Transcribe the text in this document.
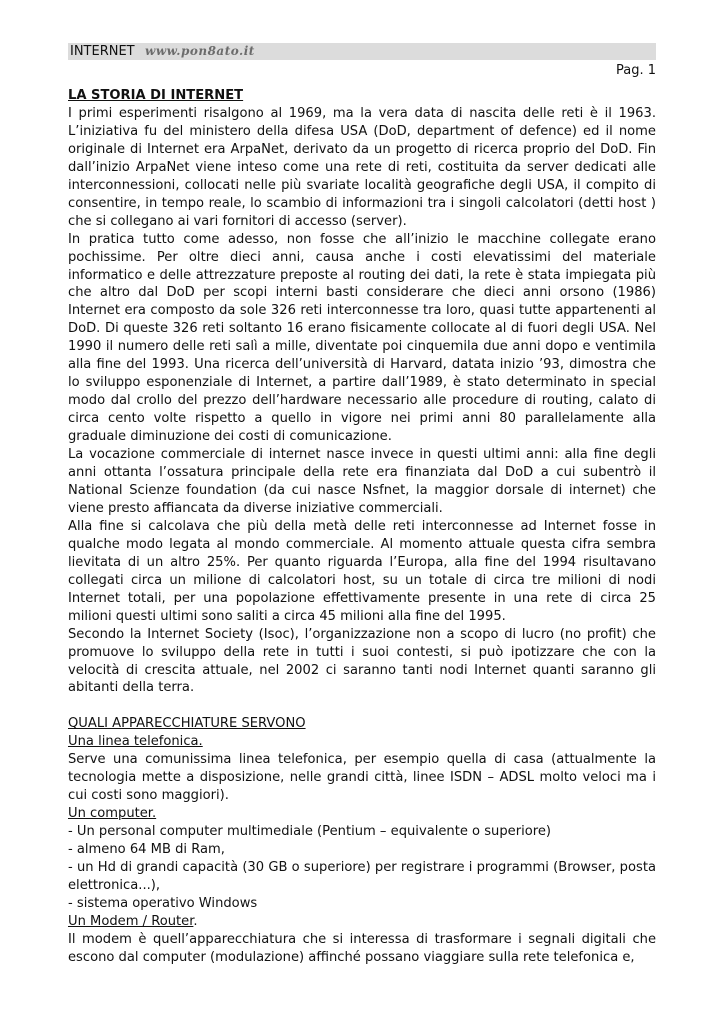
INTERNET www.pon8ato.it
Pag. 1

LA STORIA DI INTERNET

I primi esperimenti risalgono al 1969, ma la vera data di nascita delle reti è il 1963. L’iniziativa fu del ministero della difesa USA (DoD, department of defence) ed il nome originale di Internet era ArpaNet, derivato da un progetto di ricerca proprio del DoD. Fin dall’inizio ArpaNet viene inteso come una rete di reti, costituita da server dedicati alle interconnessioni, collocati nelle più svariate località geografiche degli USA, il compito di consentire, in tempo reale, lo scambio di informazioni tra i singoli calcolatori (detti host ) che si collegano ai vari fornitori di accesso (server).

In pratica tutto come adesso, non fosse che all’inizio le macchine collegate erano pochissime. Per oltre dieci anni, causa anche i costi elevatissimi del materiale informatico e delle attrezzature preposte al routing dei dati, la rete è stata impiegata più che altro dal DoD per scopi interni basti considerare che dieci anni orsono (1986) Internet era composto da sole 326 reti interconnesse tra loro, quasi tutte appartenenti al DoD. Di queste 326 reti soltanto 16 erano fisicamente collocate al di fuori degli USA. Nel 1990 il numero delle reti salì a mille, diventate poi cinquemila due anni dopo e ventimila alla fine del 1993. Una ricerca dell’università di Harvard, datata inizio ’93, dimostra che lo sviluppo esponenziale di Internet, a partire dall’1989, è stato determinato in special modo dal crollo del prezzo dell’hardware necessario alle procedure di routing, calato di circa cento volte rispetto a quello in vigore nei primi anni 80 parallelamente alla graduale diminuzione dei costi di comunicazione.

La vocazione commerciale di internet nasce invece in questi ultimi anni: alla fine degli anni ottanta l’ossatura principale della rete era finanziata dal DoD a cui subentrò il National Scienze foundation (da cui nasce Nsfnet, la maggior dorsale di internet) che viene presto affiancata da diverse iniziative commerciali.

Alla fine si calcolava che più della metà delle reti interconnesse ad Internet fosse in qualche modo legata al mondo commerciale. Al momento attuale questa cifra sembra lievitata di un altro 25%. Per quanto riguarda l’Europa, alla fine del 1994 risultavano collegati circa un milione di calcolatori host, su un totale di circa tre milioni di nodi Internet totali, per una popolazione effettivamente presente in una rete di circa 25 milioni questi ultimi sono saliti a circa 45 milioni alla fine del 1995.

Secondo la Internet Society (Isoc), l’organizzazione non a scopo di lucro (no profit) che promuove lo sviluppo della rete in tutti i suoi contesti, si può ipotizzare che con la velocità di crescita attuale, nel 2002 ci saranno tanti nodi Internet quanti saranno gli abitanti della terra.

QUALI APPARECCHIATURE SERVONO

Una linea telefonica.

Serve una comunissima linea telefonica, per esempio quella di casa (attualmente la tecnologia mette a disposizione, nelle grandi città, linee ISDN – ADSL molto veloci ma i cui costi sono maggiori).

Un computer.

- Un personal computer multimediale (Pentium – equivalente o superiore)

- almeno 64 MB di Ram,

- un Hd di grandi capacità (30 GB o superiore) per registrare i programmi (Browser, posta elettronica...),

- sistema operativo Windows

Un Modem / Router.

Il modem è quell’apparecchiatura che si interessa di trasformare i segnali digitali che escono dal computer (modulazione) affinché possano viaggiare sulla rete telefonica e,
